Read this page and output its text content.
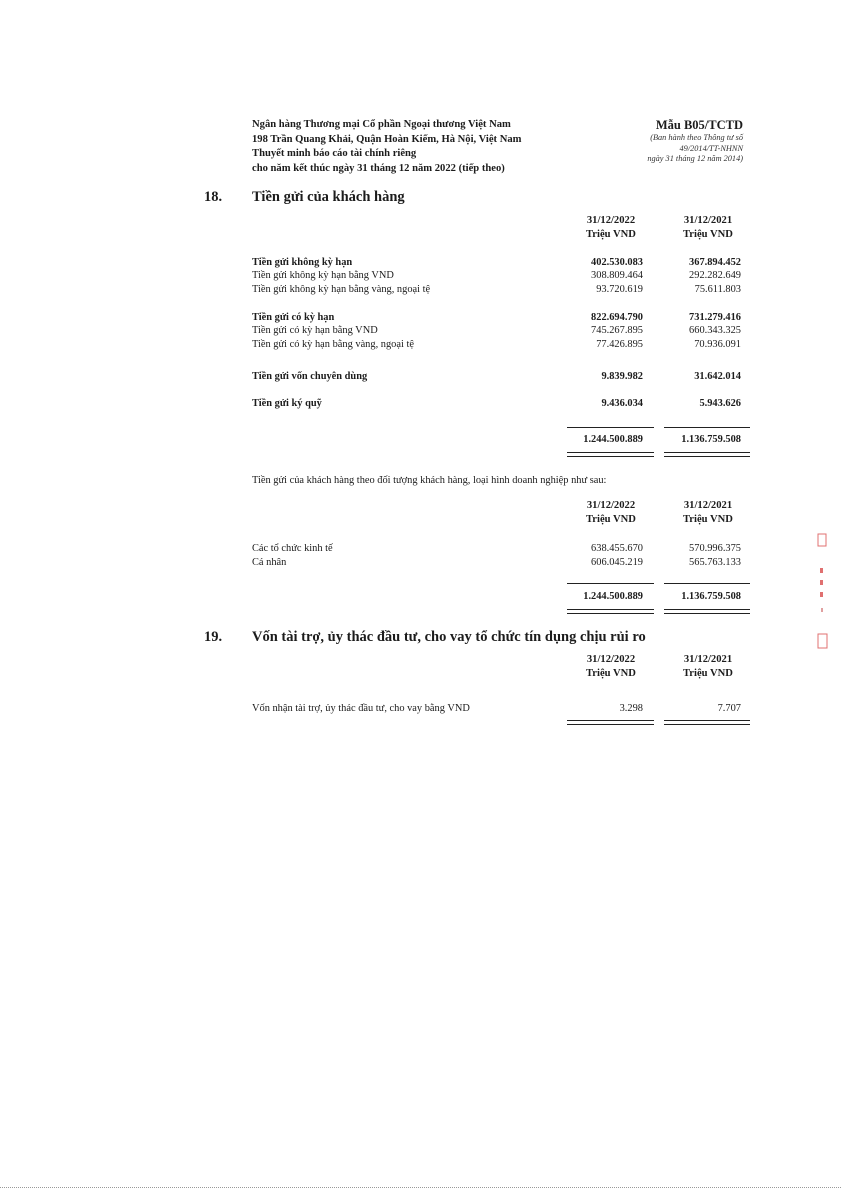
Ngân hàng Thương mại Cổ phần Ngoại thương Việt Nam
198 Trần Quang Khải, Quận Hoàn Kiếm, Hà Nội, Việt Nam
Thuyết minh báo cáo tài chính riêng
cho năm kết thúc ngày 31 tháng 12 năm 2022 (tiếp theo)
Mẫu B05/TCTD
(Ban hành theo Thông tư số
49/2014/TT-NHNN
ngày 31 tháng 12 năm 2014)
18. Tiền gửi của khách hàng
31/12/2022
Triệu VND
31/12/2021
Triệu VND
Tiền gửi không kỳ hạn	402.530.083	367.894.452
Tiền gửi không kỳ hạn bằng VND	308.809.464	292.282.649
Tiền gửi không kỳ hạn bằng vàng, ngoại tệ	93.720.619	75.611.803
Tiền gửi có kỳ hạn	822.694.790	731.279.416
Tiền gửi có kỳ hạn bằng VND	745.267.895	660.343.325
Tiền gửi có kỳ hạn bằng vàng, ngoại tệ	77.426.895	70.936.091
Tiền gửi vốn chuyên dùng	9.839.982	31.642.014
Tiền gửi ký quỹ	9.436.034	5.943.626
1.244.500.889	1.136.759.508
Tiền gửi của khách hàng theo đối tượng khách hàng, loại hình doanh nghiệp như sau:
31/12/2022
Triệu VND
31/12/2021
Triệu VND
Các tổ chức kinh tế	638.455.670	570.996.375
Cá nhân	606.045.219	565.763.133
1.244.500.889	1.136.759.508
19. Vốn tài trợ, ủy thác đầu tư, cho vay tổ chức tín dụng chịu rủi ro
31/12/2022
Triệu VND
31/12/2021
Triệu VND
Vốn nhận tài trợ, ủy thác đầu tư, cho vay bằng VND	3.298	7.707
